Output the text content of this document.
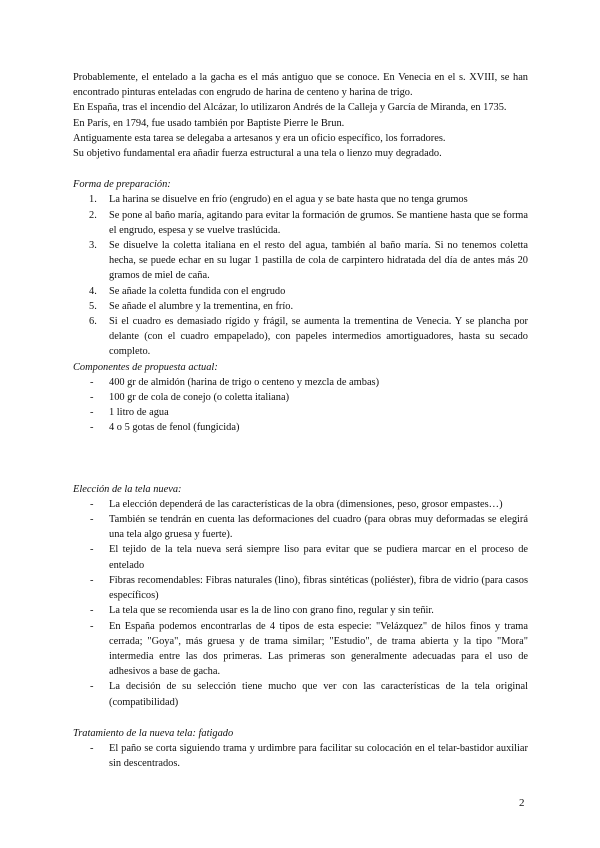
Probablemente, el entelado a la gacha es el más antiguo que se conoce. En Venecia en el s. XVIII, se han encontrado pinturas enteladas con engrudo de harina de centeno y harina de trigo.

En España, tras el incendio del Alcázar, lo utilizaron Andrés de la Calleja y García de Miranda, en 1735.

En París, en 1794, fue usado también por Baptiste Pierre le Brun.

Antiguamente esta tarea se delegaba a artesanos y era un oficio específico, los forradores.

Su objetivo fundamental era añadir fuerza estructural a una tela o lienzo muy degradado.

Forma de preparación:

1.	La harina se disuelve en frío (engrudo) en el agua y se bate hasta que no tenga grumos
2.	Se pone al baño maría, agitando para evitar la formación de grumos. Se mantiene hasta que se forma el engrudo, espesa y se vuelve traslúcida.
3.	Se disuelve la coletta italiana en el resto del agua, también al baño maría. Si no tenemos coletta hecha, se puede echar en su lugar 1 pastilla de cola de carpintero hidratada del día de antes más 20 gramos de miel de caña.
4.	Se añade la coletta fundida con el engrudo
5.	Se añade el alumbre y la trementina, en frío.
6.	Si el cuadro es demasiado rígido y frágil, se aumenta la trementina de Venecia. Y se plancha por delante (con el cuadro empapelado), con papeles intermedios amortiguadores, hasta su secado completo.

Componentes de propuesta actual:

- 400 gr de almidón (harina de trigo o centeno y mezcla de ambas)
- 100 gr de cola de conejo (o coletta italiana)
- 1 litro de agua
- 4 o 5 gotas de fenol (fungicida)

Elección de la tela nueva:

- La elección dependerá de las características de la obra (dimensiones, peso, grosor empastes…)
- También se tendrán en cuenta las deformaciones del cuadro (para obras muy deformadas se elegirá una tela algo gruesa y fuerte).
- El tejido de la tela nueva será siempre liso para evitar que se pudiera marcar en el proceso de entelado
- Fibras recomendables: Fibras naturales (lino), fibras sintéticas (poliéster), fibra de vidrio (para casos específicos)
- La tela que se recomienda usar es la de lino con grano fino, regular y sin teñir.
- En España podemos encontrarlas de 4 tipos de esta especie: "Velázquez" de hilos finos y trama cerrada; "Goya", más gruesa y de trama similar; "Estudio", de trama abierta y la tipo "Mora" intermedia entre las dos primeras. Las primeras son generalmente adecuadas para el uso de adhesivos a base de gacha.
- La decisión de su selección tiene mucho que ver con las características de la tela original (compatibilidad)

Tratamiento de la nueva tela: fatigado

- El paño se corta siguiendo trama y urdimbre para facilitar su colocación en el telar-bastidor auxiliar sin descentrados.
2
